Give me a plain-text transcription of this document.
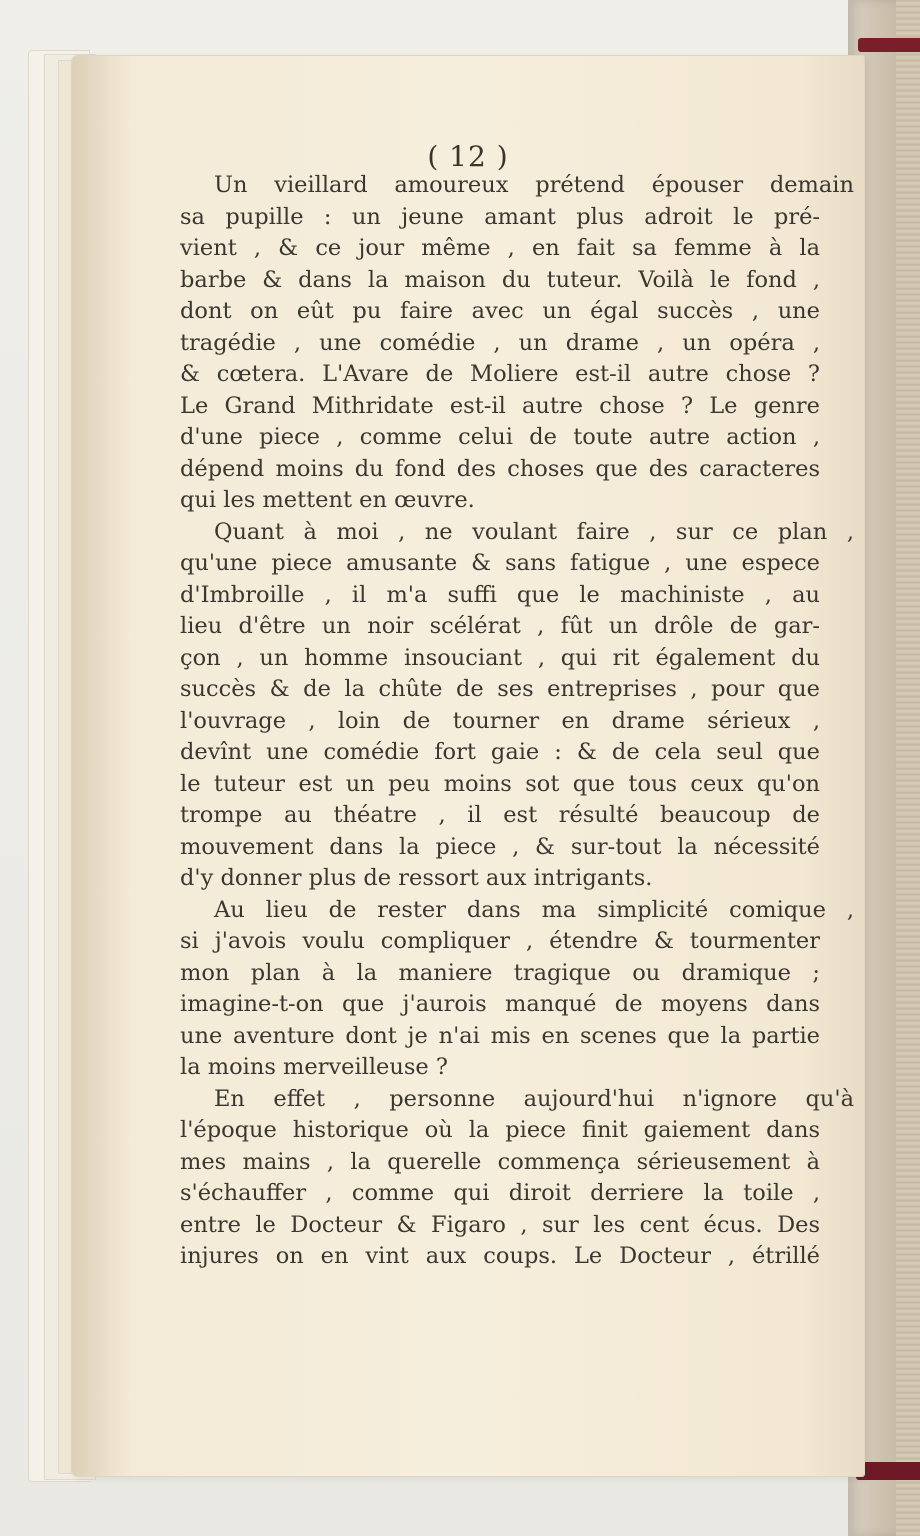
( 12 )
Un vieillard amoureux prétend épouser demain
sa pupille : un jeune amant plus adroit le pré-
vient , & ce jour même , en fait sa femme à la
barbe & dans la maison du tuteur. Voilà le fond ,
dont on eût pu faire avec un égal succès , une
tragédie , une comédie , un drame , un opéra ,
& cœtera. L'Avare de Moliere est-il autre chose ?
Le Grand Mithridate est-il autre chose ? Le genre
d'une piece , comme celui de toute autre action ,
dépend moins du fond des choses que des caracteres
qui les mettent en œuvre.
Quant à moi , ne voulant faire , sur ce plan ,
qu'une piece amusante & sans fatigue , une espece
d'Imbroille , il m'a suffi que le machiniste , au
lieu d'être un noir scélérat , fût un drôle de gar-
çon , un homme insouciant , qui rit également du
succès & de la chûte de ses entreprises , pour que
l'ouvrage , loin de tourner en drame sérieux ,
devînt une comédie fort gaie : & de cela seul que
le tuteur est un peu moins sot que tous ceux qu'on
trompe au théatre , il est résulté beaucoup de
mouvement dans la piece , & sur-tout la nécessité
d'y donner plus de ressort aux intrigants.
Au lieu de rester dans ma simplicité comique ,
si j'avois voulu compliquer , étendre & tourmenter
mon plan à la maniere tragique ou dramique ;
imagine-t-on que j'aurois manqué de moyens dans
une aventure dont je n'ai mis en scenes que la partie
la moins merveilleuse ?
En effet , personne aujourd'hui n'ignore qu'à
l'époque historique où la piece finit gaiement dans
mes mains , la querelle commença sérieusement à
s'échauffer , comme qui diroit derriere la toile ,
entre le Docteur & Figaro , sur les cent écus. Des
injures on en vint aux coups. Le Docteur , étrillé
